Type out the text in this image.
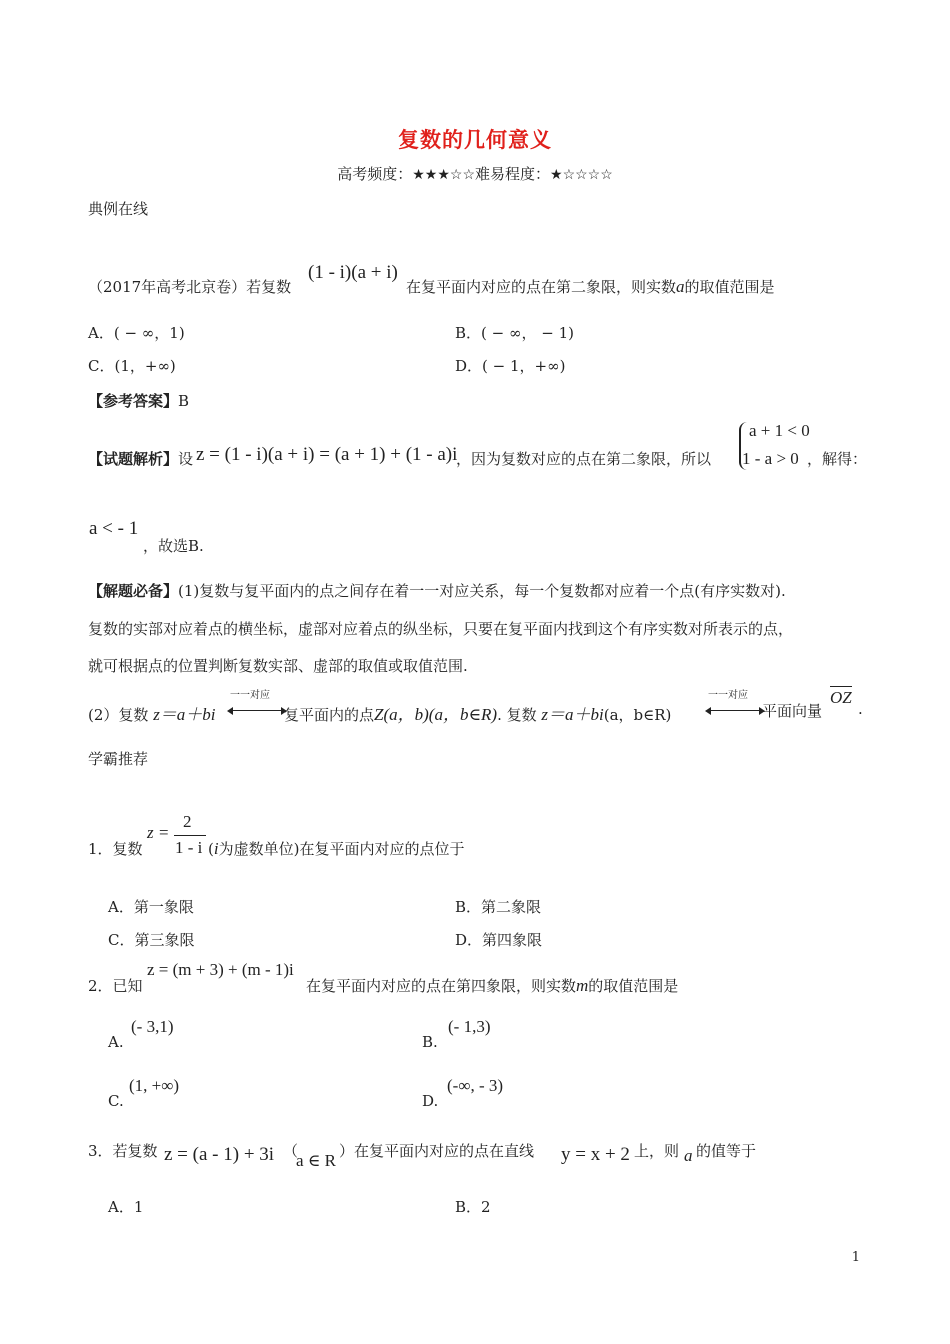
复数的几何意义
高考频度：★★★☆☆难易程度：★☆☆☆☆
典例在线
（2017年高考北京卷）若复数
(1 - i)(a + i)
在复平面内对应的点在第二象限，则实数a的取值范围是
A．( − ∞，1)	B．( − ∞， − 1)
C．(1，+∞)	D．( − 1，+∞)
【参考答案】B
【试题解析】设 z = (1 - i)(a + i) = (a + 1) + (1 - a)i
，因为复数对应的点在第二象限，所以
a + 1 < 0
1 - a > 0 ，解得：
a < - 1
，故选B.
【解题必备】(1)复数与复平面内的点之间存在着一一对应关系，每一个复数都对应着一个点(有序实数对).
复数的实部对应着点的横坐标，虚部对应着点的纵坐标，只要在复平面内找到这个有序实数对所表示的点，
就可根据点的位置判断复数实部、虚部的取值或取值范围.
(2）复数 z＝a＋bi
一一对应
复平面内的点Z(a，b)(a，b∈R). 复数 z＝a＋bi(a，b∈R)
一一对应
平面向量
OZ
.
学霸推荐
1．复数
z =
2
1 - i (i为虚数单位)在复平面内对应的点位于
A．第一象限	B．第二象限
C．第三象限	D．第四象限
2．已知
z = (m + 3) + (m - 1)i
在复平面内对应的点在第四象限，则实数m的取值范围是
A.
(- 3,1)
B.
(- 1,3)
C.
(1, +∞)
D.
(-∞, - 3)
3．若复数 z = (a - 1) + 3i （
a ∈ R ）在复平面内对应的点在直线 y = x + 2 上，则 a 的值等于
A．1	B．2
1
